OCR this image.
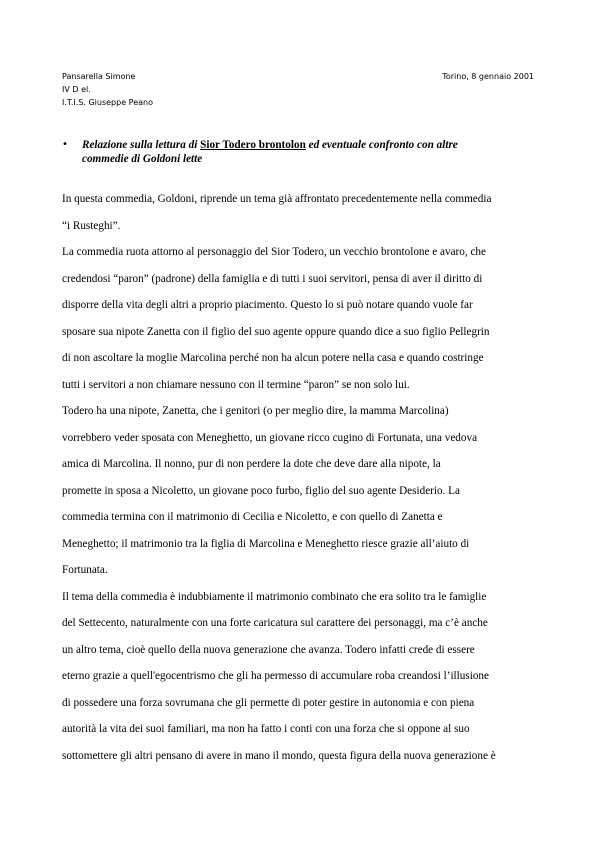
Pansarella Simone	Torino, 8 gennaio 2001
IV D el.
I.T.I.S. Giuseppe Peano
•	Relazione sulla lettura di Sior Todero brontolon ed eventuale confronto con altre
commedie di Goldoni lette
In questa commedia, Goldoni, riprende un tema già affrontato precedentemente nella commedia
“i Rusteghi”.
La commedia ruota attorno al personaggio del Sior Todero, un vecchio brontolone e avaro, che
credendosi “paron” (padrone) della famiglia e di tutti i suoi servitori, pensa di aver il diritto di
disporre della vita degli altri a proprio piacimento. Questo lo si può notare quando vuole far
sposare sua nipote Zanetta con il figlio del suo agente oppure quando dice a suo figlio Pellegrin
di non ascoltare la moglie Marcolina perché non ha alcun potere nella casa e quando costringe
tutti i servitori a non chiamare nessuno con il termine “paron” se non solo lui.
Todero ha una nipote, Zanetta, che i genitori (o per meglio dire, la mamma Marcolina)
vorrebbero veder sposata con Meneghetto, un giovane ricco cugino di Fortunata, una vedova
amica di Marcolina. Il nonno, pur di non perdere la dote che deve dare alla nipote, la
promette in sposa a Nicoletto, un giovane poco furbo, figlio del suo agente Desiderio. La
commedia termina con il matrimonio di Cecilia e Nicoletto, e con quello di Zanetta e
Meneghetto; il matrimonio tra la figlia di Marcolina e Meneghetto riesce grazie all’aiuto di
Fortunata.
Il tema della commedia è indubbiamente il matrimonio combinato che era solito tra le famiglie
del Settecento, naturalmente con una forte caricatura sul carattere dei personaggi, ma c’è anche
un altro tema, cioè quello della nuova generazione che avanza. Todero infatti crede di essere
eterno grazie a quell'egocentrismo che gli ha permesso di accumulare roba creandosi l’illusione
di possedere una forza sovrumana che gli permette di poter gestire in autonomia e con piena
autorità la vita dei suoi familiari, ma non ha fatto i conti con una forza che si oppone al suo
sottomettere gli altri pensano di avere in mano il mondo, questa figura della nuova generazione è
